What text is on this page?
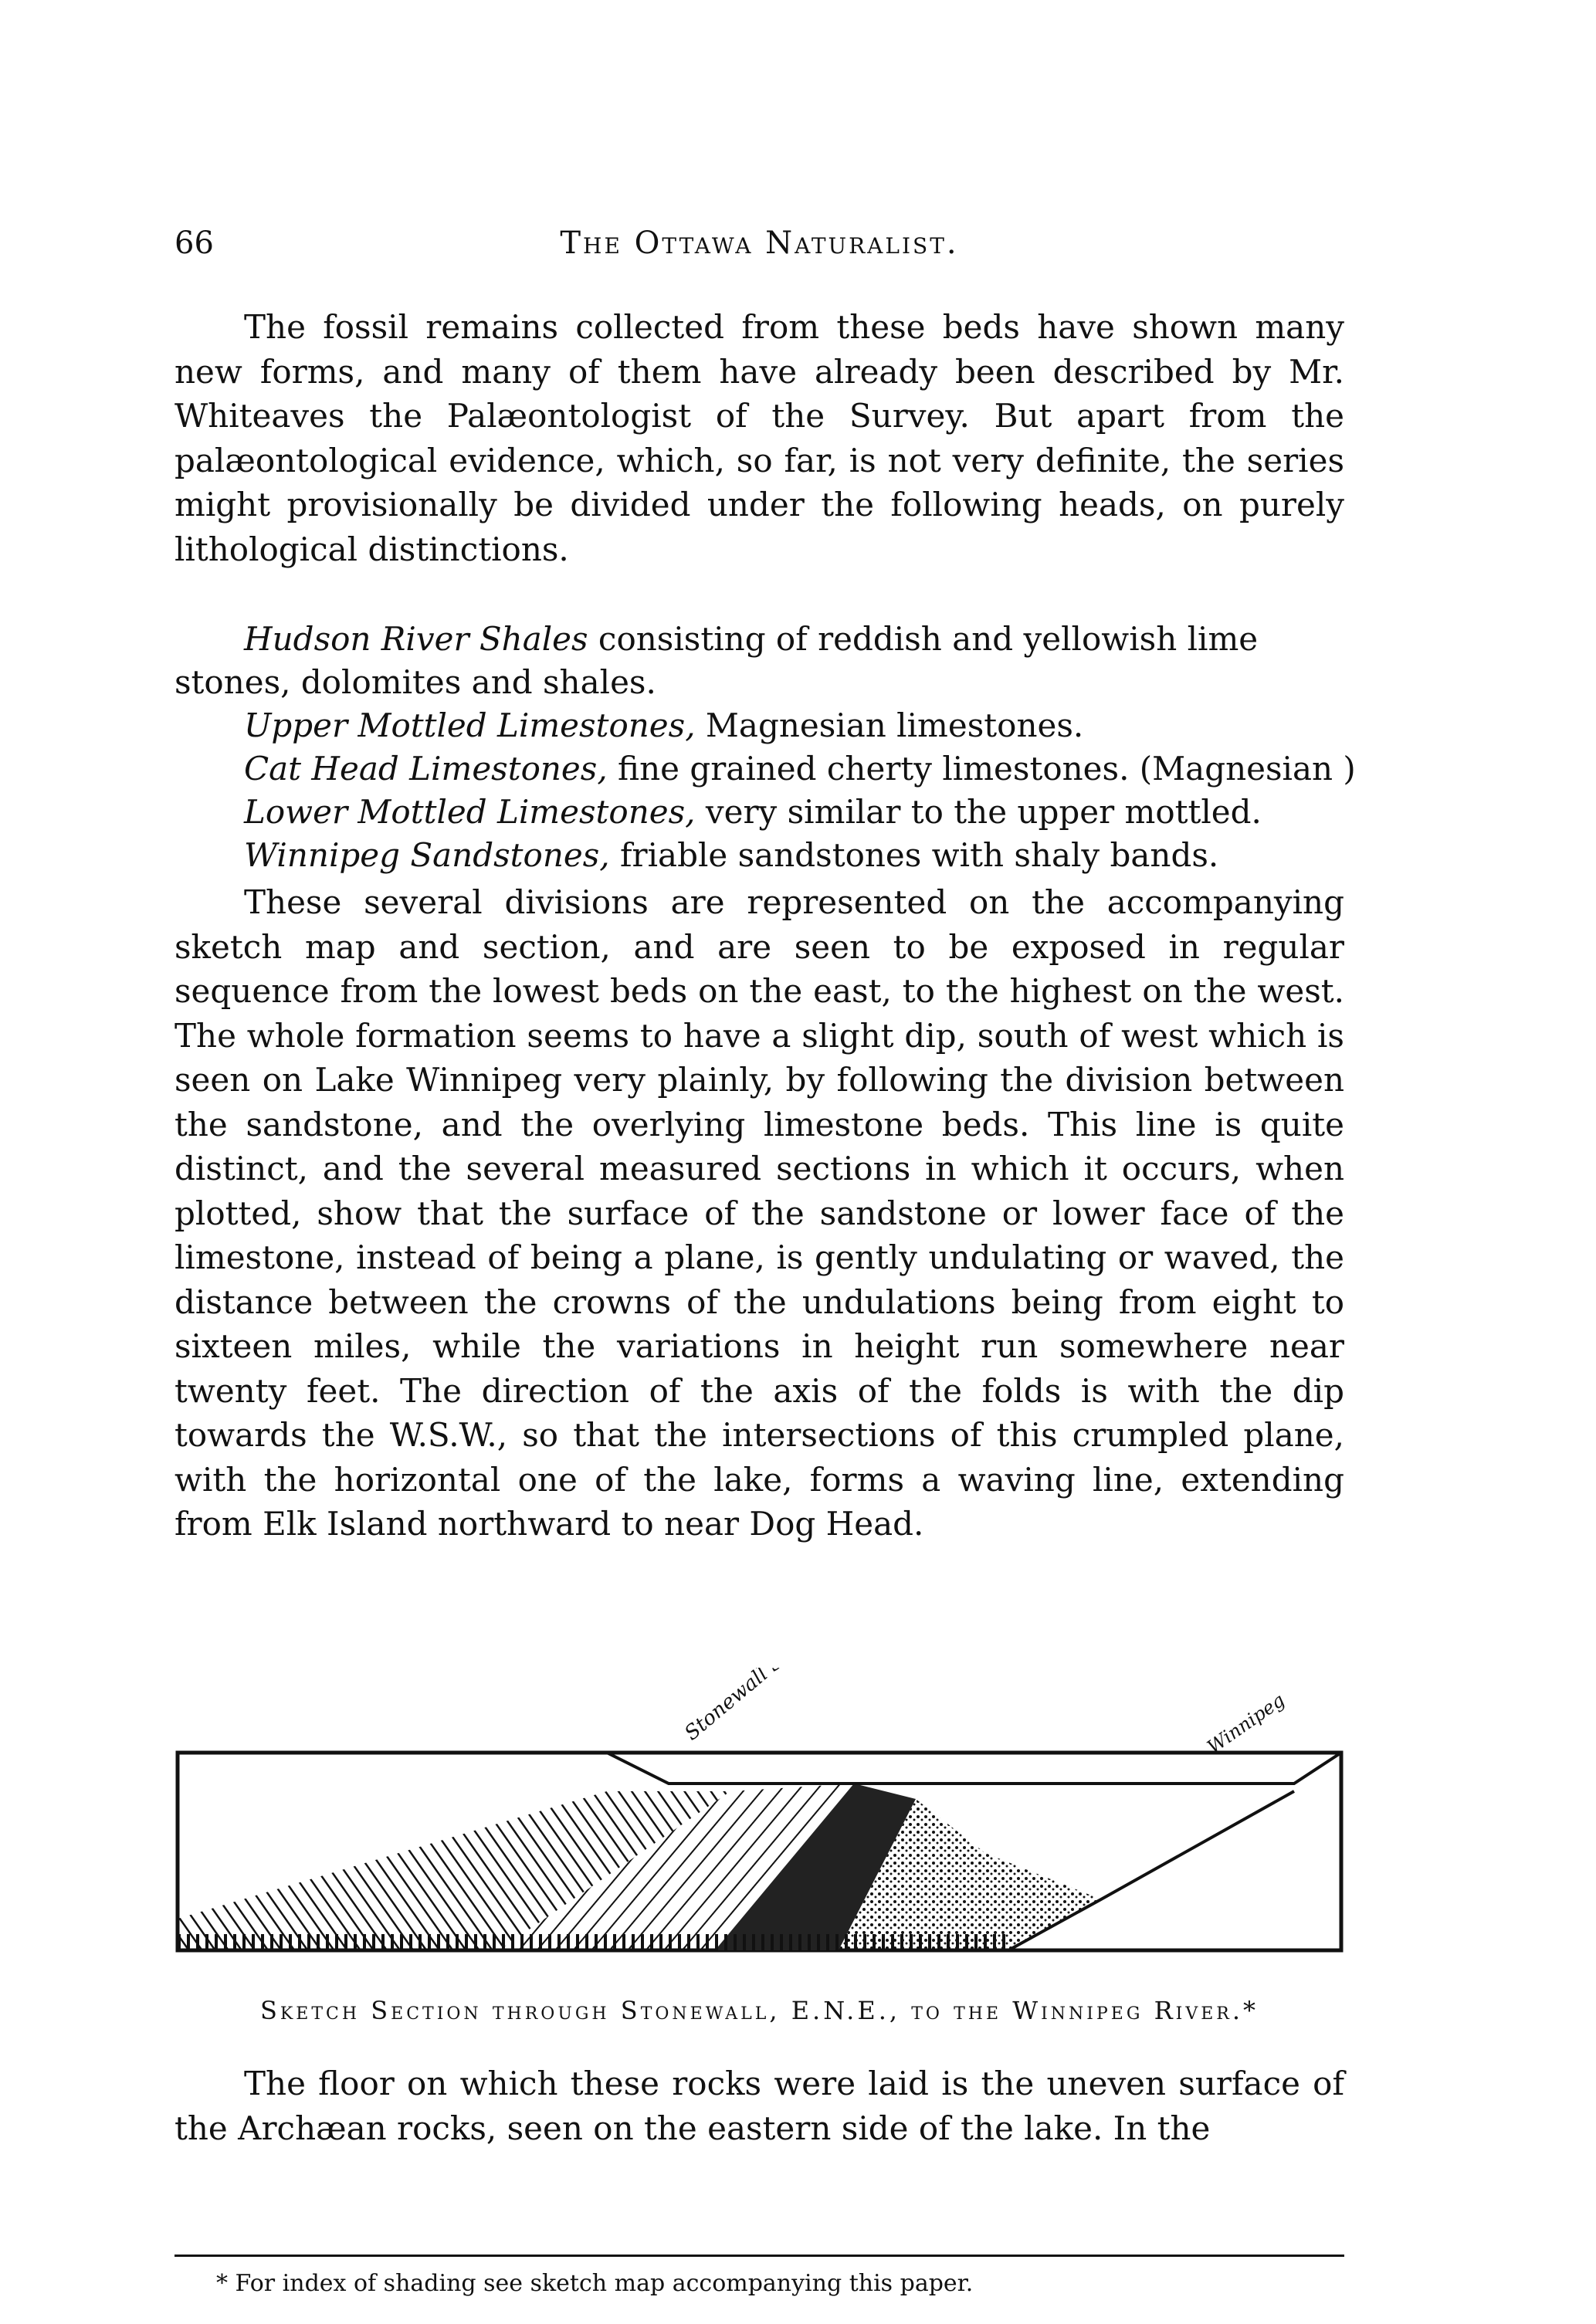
66	The Ottawa Naturalist.

The fossil remains collected from these beds have shown many new forms, and many of them have already been described by Mr. Whiteaves the Palæontologist of the Survey. But apart from the palæontological evidence, which, so far, is not very definite, the series might provisionally be divided under the following heads, on purely lithological distinctions.

Hudson River Shales consisting of reddish and yellowish lime stones, dolomites and shales.
Upper Mottled Limestones, Magnesian limestones.
Cat Head Limestones, fine grained cherty limestones. (Magnesian )
Lower Mottled Limestones, very similar to the upper mottled.
Winnipeg Sandstones, friable sandstones with shaly bands.

These several divisions are represented on the accompanying sketch map and section, and are seen to be exposed in regular sequence from the lowest beds on the east, to the highest on the west. The whole formation seems to have a slight dip, south of west which is seen on Lake Winnipeg very plainly, by following the division between the sandstone, and the overlying limestone beds. This line is quite distinct, and the several measured sections in which it occurs, when plotted, show that the surface of the sandstone or lower face of the limestone, instead of being a plane, is gently undulating or waved, the distance between the crowns of the undulations being from eight to sixteen miles, while the variations in height run somewhere near twenty feet. The direction of the axis of the folds is with the dip towards the W.S.W., so that the intersections of this crumpled plane, with the horizontal one of the lake, forms a waving line, extending from Elk Island northward to near Dog Head.

Stonewall Stony Mt	Winnipeg
Sketch Section through Stonewall, E.N.E., to the Winnipeg River.*

The floor on which these rocks were laid is the uneven surface of the Archæan rocks, seen on the eastern side of the lake. In the

* For index of shading see sketch map accompanying this paper.
